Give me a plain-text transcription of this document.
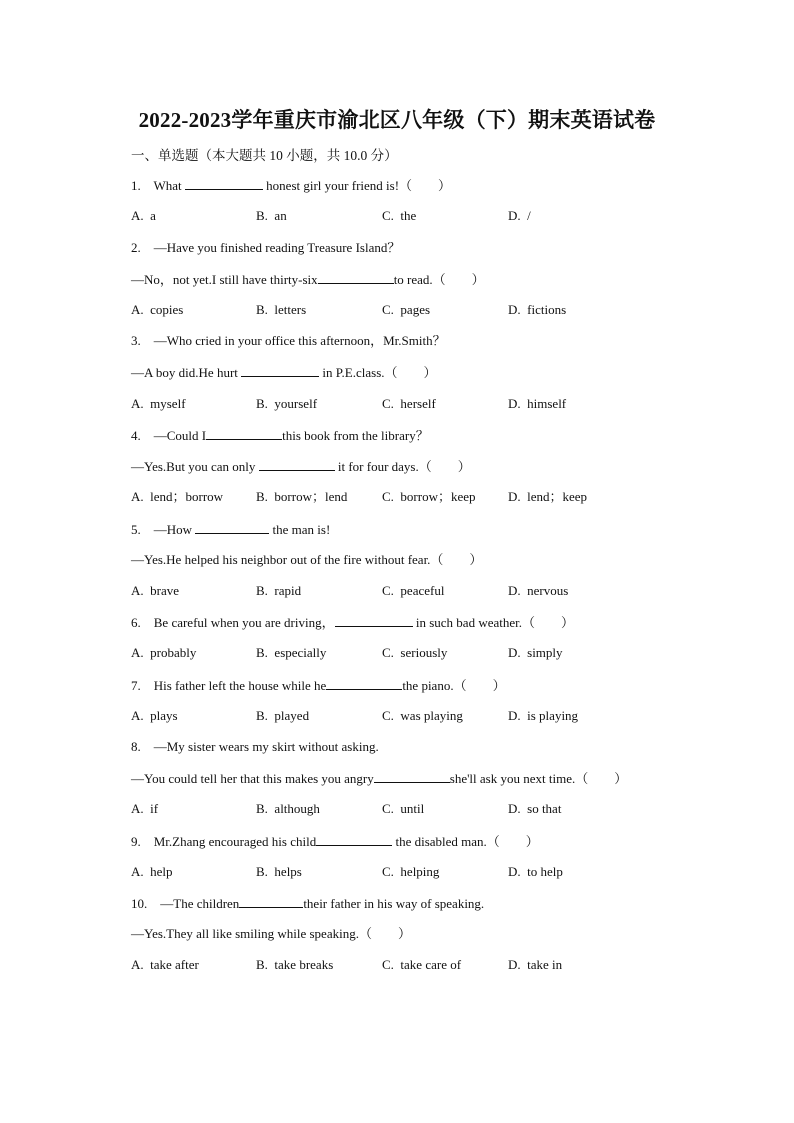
2022-2023学年重庆市渝北区八年级（下）期末英语试卷
一、单选题（本大题共 10 小题，共 10.0 分）
1.    What	honest girl your friend is!（        ）
A.  a	B.  an	C.  the	D.  /
2.    —Have you finished reading Treasure Island？
—No，not yet.I still have thirty-six	to read.（        ）
A.  copies	B.  letters	C.  pages	D.  fictions
3.    —Who cried in your office this afternoon，Mr.Smith？
—A boy did.He hurt	in P.E.class.（        ）
A.  myself	B.  yourself	C.  herself	D.  himself
4.    —Could I	this book from the library？
—Yes.But you can only	it for four days.（        ）
A.  lend；borrow	B.  borrow；lend	C.  borrow；keep D.  lend；keep
5.    —How	the man is!
—Yes.He helped his neighbor out of the fire without fear.（        ）
A.  brave	B.  rapid	C.  peaceful	D.  nervous
6.    Be careful when you are driving，	in such bad weather.（        ）
A.  probably	B.  especially	C.  seriously	D.  simply
7.    His father left the house while he	the piano.（        ）
A.  plays	B.  played	C.  was playing	D.  is playing
8.    —My sister wears my skirt without asking.
—You could tell her that this makes you angry	she'll ask you next time.（        ）
A.  if	B.  although	C.  until	D.  so that
9.    Mr.Zhang encouraged his child	the disabled man.（        ）
A.  help	B.  helps	C.  helping	D.  to help
10.    —The children	their father in his way of speaking.
—Yes.They all like smiling while speaking.（        ）
A.  take after	B.  take breaks	C.  take care of	D.  take in
